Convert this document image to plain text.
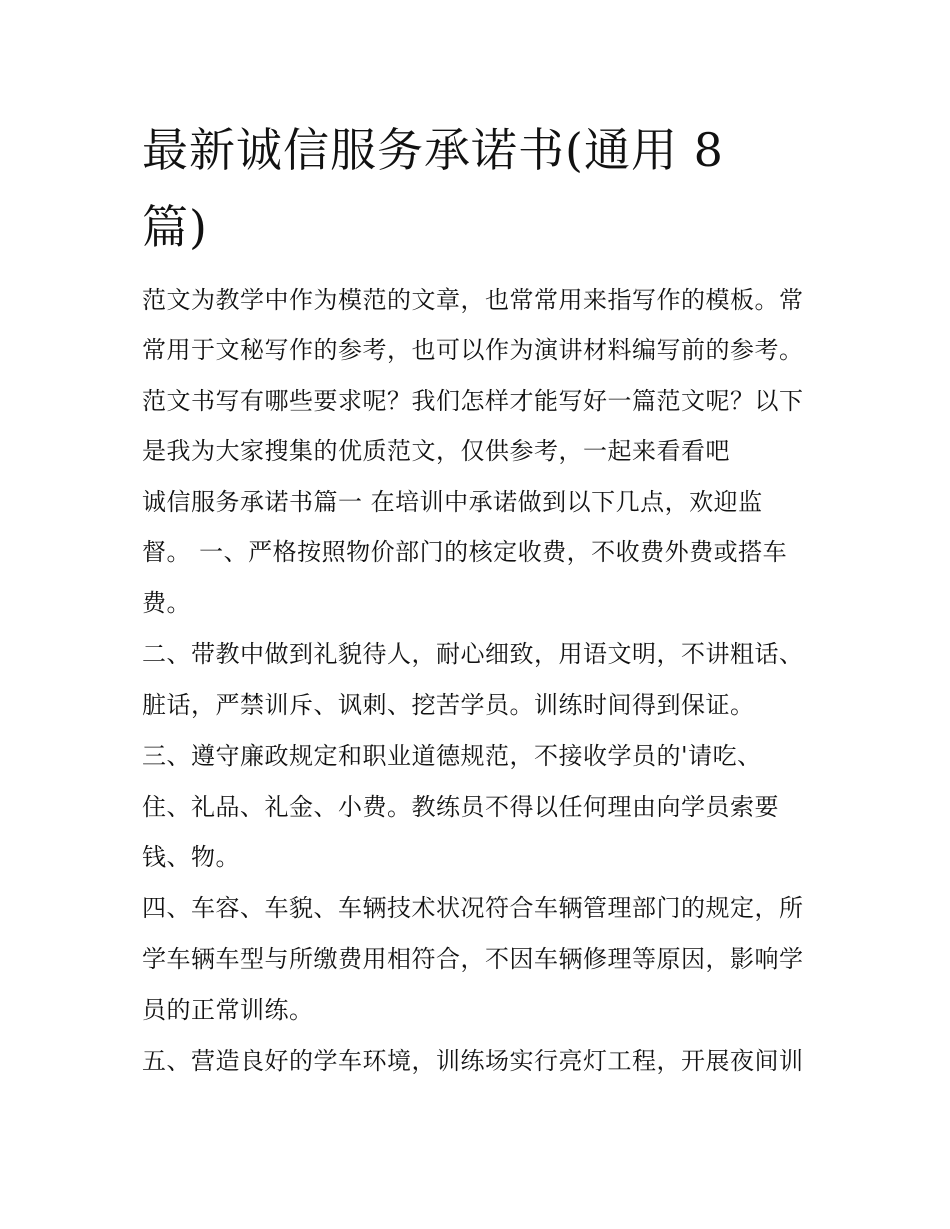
最新诚信服务承诺书(通用 8
篇)

范文为教学中作为模范的文章，也常常用来指写作的模板。常

常用于文秘写作的参考，也可以作为演讲材料编写前的参考。

范文书写有哪些要求呢？我们怎样才能写好一篇范文呢？以下

是我为大家搜集的优质范文，仅供参考，一起来看看吧

诚信服务承诺书篇一 在培训中承诺做到以下几点，欢迎监

督。 一、严格按照物价部门的核定收费，不收费外费或搭车

费。

二、带教中做到礼貌待人，耐心细致，用语文明，不讲粗话、

脏话，严禁训斥、讽刺、挖苦学员。训练时间得到保证。

三、遵守廉政规定和职业道德规范，不接收学员的'请吃、

住、礼品、礼金、小费。教练员不得以任何理由向学员索要

钱、物。

四、车容、车貌、车辆技术状况符合车辆管理部门的规定，所

学车辆车型与所缴费用相符合，不因车辆修理等原因，影响学

员的正常训练。

五、营造良好的学车环境，训练场实行亮灯工程，开展夜间训
